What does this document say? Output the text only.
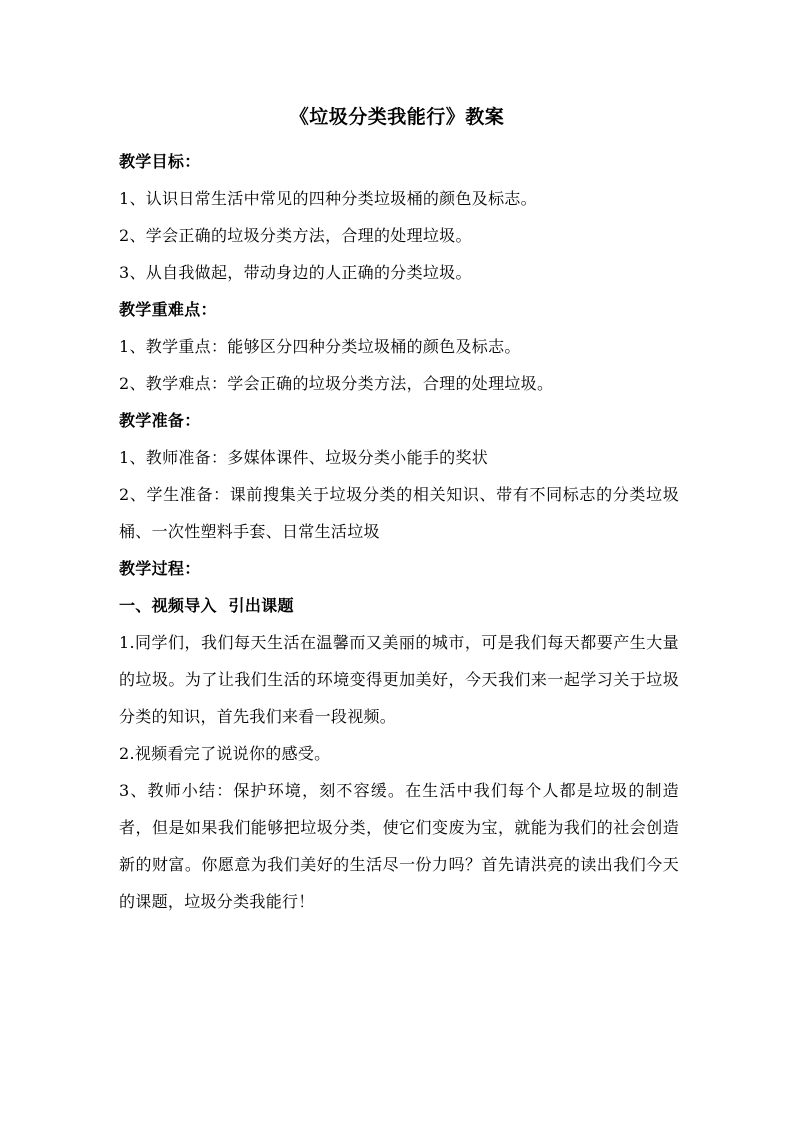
《垃圾分类我能行》教案

教学目标：

1、认识日常生活中常见的四种分类垃圾桶的颜色及标志。

2、学会正确的垃圾分类方法，合理的处理垃圾。

3、从自我做起，带动身边的人正确的分类垃圾。

教学重难点：

1、教学重点：能够区分四种分类垃圾桶的颜色及标志。

2、教学难点：学会正确的垃圾分类方法，合理的处理垃圾。

教学准备：

1、教师准备：多媒体课件、垃圾分类小能手的奖状

2、学生准备：课前搜集关于垃圾分类的相关知识、带有不同标志的分类垃圾桶、一次性塑料手套、日常生活垃圾

教学过程：

一、视频导入  引出课题

1.同学们，我们每天生活在温馨而又美丽的城市，可是我们每天都要产生大量的垃圾。为了让我们生活的环境变得更加美好，今天我们来一起学习关于垃圾分类的知识，首先我们来看一段视频。

2.视频看完了说说你的感受。

3、教师小结：保护环境，刻不容缓。在生活中我们每个人都是垃圾的制造者，但是如果我们能够把垃圾分类，使它们变废为宝，就能为我们的社会创造新的财富。你愿意为我们美好的生活尽一份力吗？首先请洪亮的读出我们今天的课题，垃圾分类我能行！
